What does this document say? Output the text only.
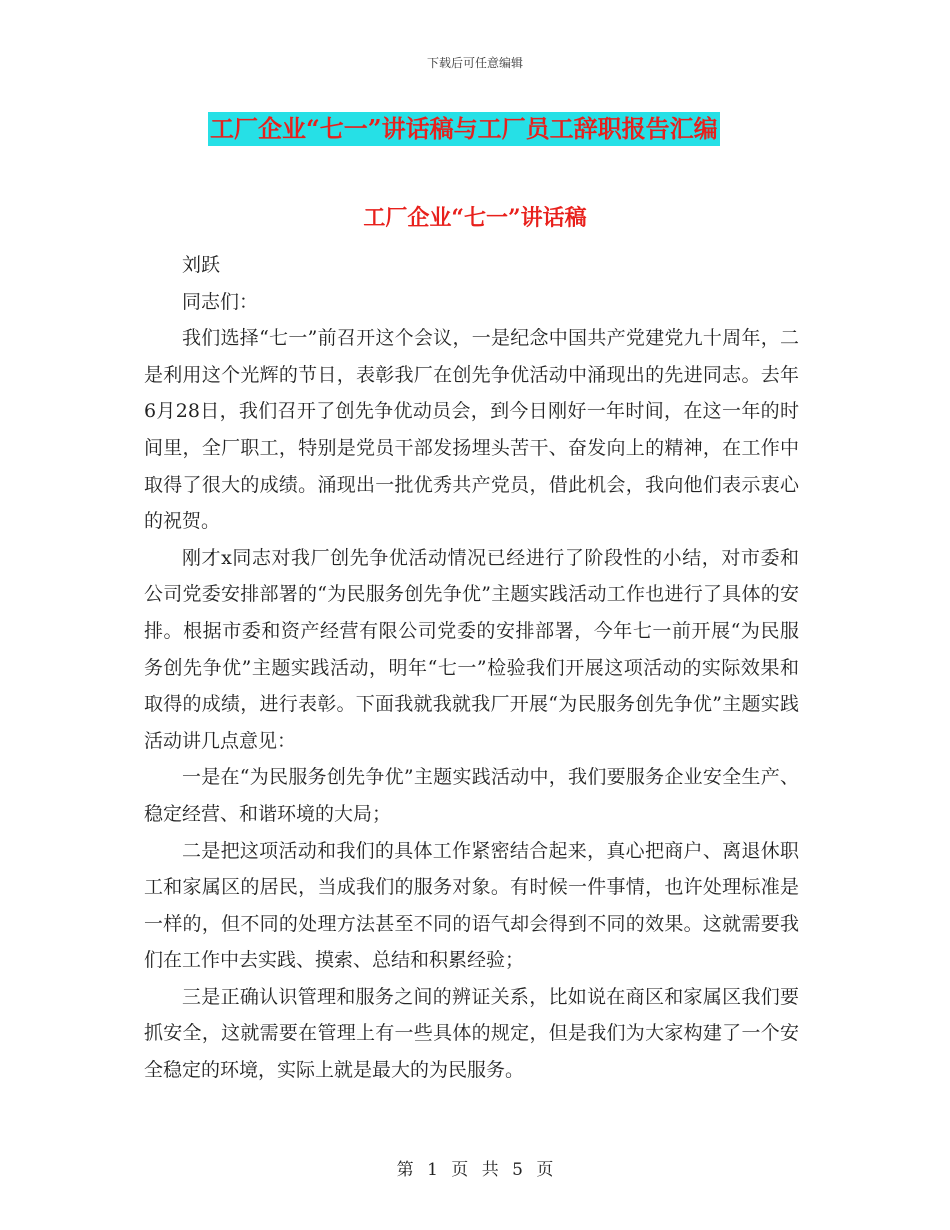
下载后可任意编辑
工厂企业“七一”讲话稿与工厂员工辞职报告汇编
工厂企业“七一”讲话稿

刘跃

同志们：

我们选择“七一”前召开这个会议，一是纪念中国共产党建党九十周年，二是利用这个光辉的节日，表彰我厂在创先争优活动中涌现出的先进同志。去年6月28日，我们召开了创先争优动员会，到今日刚好一年时间，在这一年的时间里，全厂职工，特别是党员干部发扬埋头苦干、奋发向上的精神，在工作中取得了很大的成绩。涌现出一批优秀共产党员，借此机会，我向他们表示衷心的祝贺。

刚才x同志对我厂创先争优活动情况已经进行了阶段性的小结，对市委和公司党委安排部署的“为民服务创先争优”主题实践活动工作也进行了具体的安排。根据市委和资产经营有限公司党委的安排部署，今年七一前开展“为民服务创先争优”主题实践活动，明年“七一”检验我们开展这项活动的实际效果和取得的成绩，进行表彰。下面我就我就我厂开展“为民服务创先争优”主题实践活动讲几点意见：

一是在“为民服务创先争优”主题实践活动中，我们要服务企业安全生产、稳定经营、和谐环境的大局；

二是把这项活动和我们的具体工作紧密结合起来，真心把商户、离退休职工和家属区的居民，当成我们的服务对象。有时候一件事情，也许处理标准是一样的，但不同的处理方法甚至不同的语气却会得到不同的效果。这就需要我们在工作中去实践、摸索、总结和积累经验；

三是正确认识管理和服务之间的辨证关系，比如说在商区和家属区我们要抓安全，这就需要在管理上有一些具体的规定，但是我们为大家构建了一个安全稳定的环境，实际上就是最大的为民服务。

第 1 页 共 5 页
